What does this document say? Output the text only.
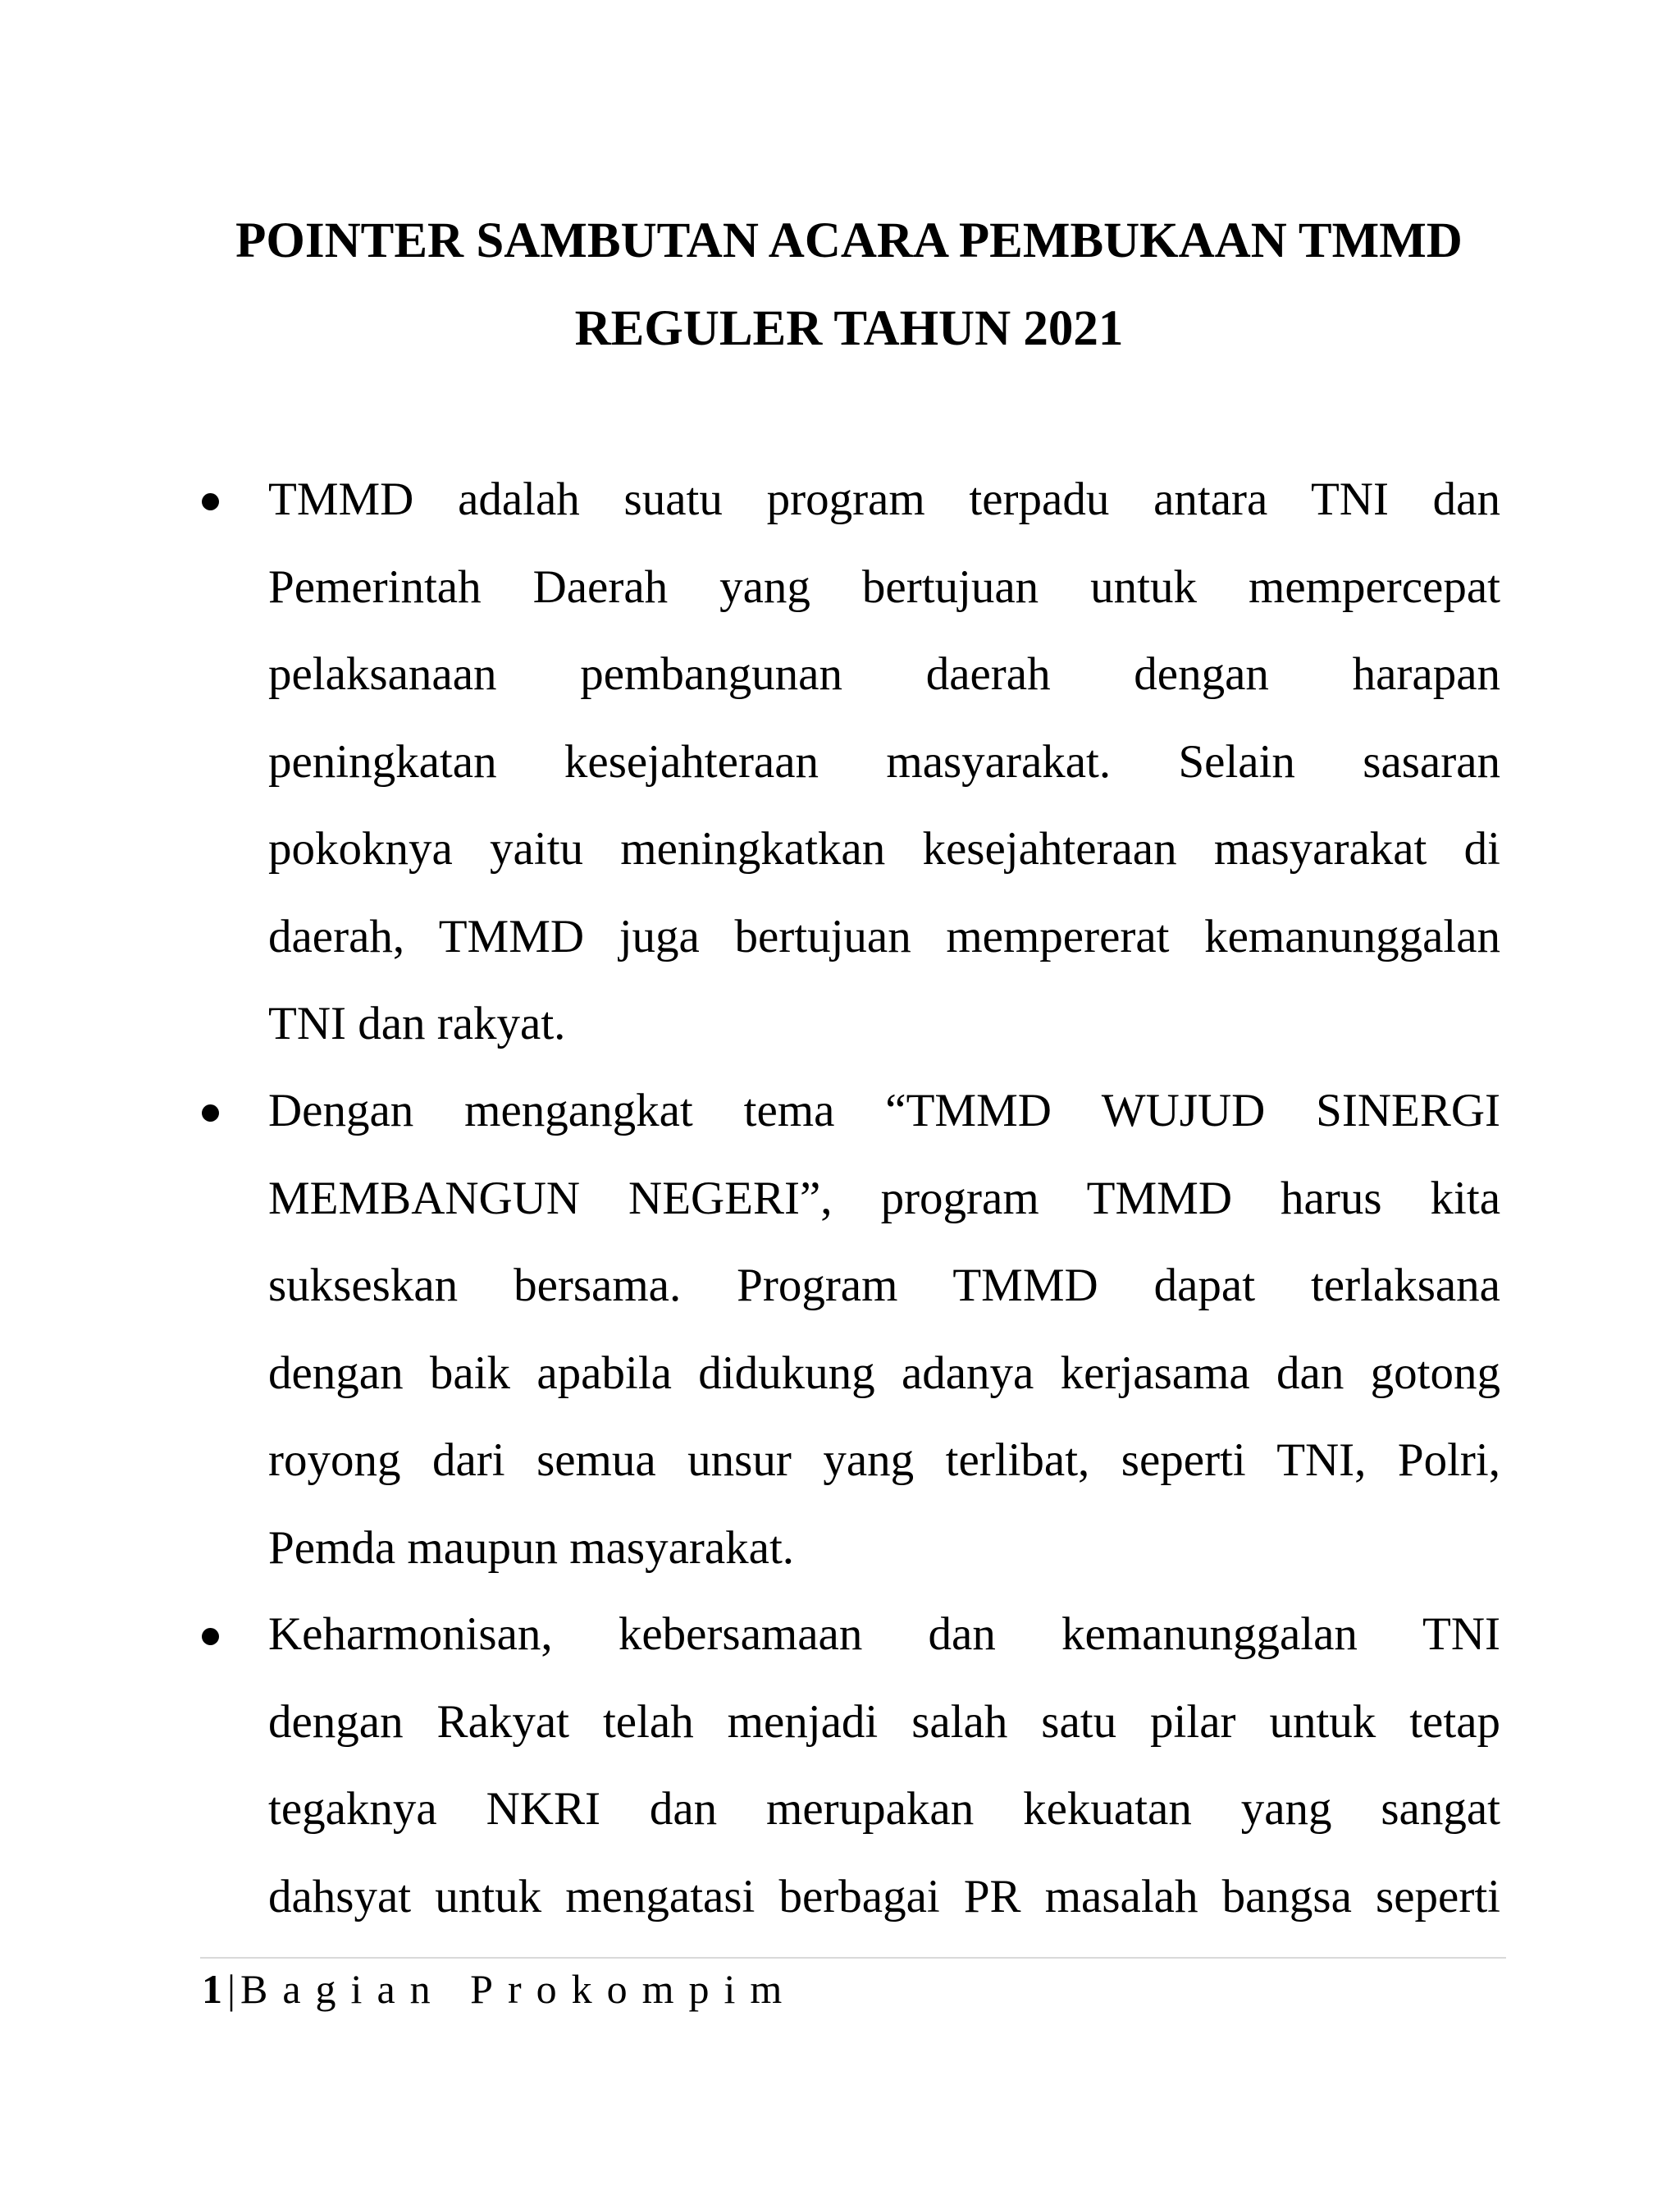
POINTER SAMBUTAN ACARA PEMBUKAAN TMMD
REGULER TAHUN 2021

TMMD adalah suatu program terpadu antara TNI dan
Pemerintah Daerah yang bertujuan untuk mempercepat
pelaksanaan pembangunan daerah dengan harapan
peningkatan kesejahteraan masyarakat. Selain sasaran
pokoknya yaitu meningkatkan kesejahteraan masyarakat di
daerah, TMMD juga bertujuan mempererat kemanunggalan
TNI dan rakyat.

Dengan mengangkat tema “TMMD WUJUD SINERGI
MEMBANGUN NEGERI”, program TMMD harus kita
sukseskan bersama. Program TMMD dapat terlaksana
dengan baik apabila didukung adanya kerjasama dan gotong
royong dari semua unsur yang terlibat, seperti TNI, Polri,
Pemda maupun masyarakat.

Keharmonisan, kebersamaan dan kemanunggalan TNI
dengan Rakyat telah menjadi salah satu pilar untuk tetap
tegaknya NKRI dan merupakan kekuatan yang sangat
dahsyat untuk mengatasi berbagai PR masalah bangsa seperti

1 | Bagian Prokompim
